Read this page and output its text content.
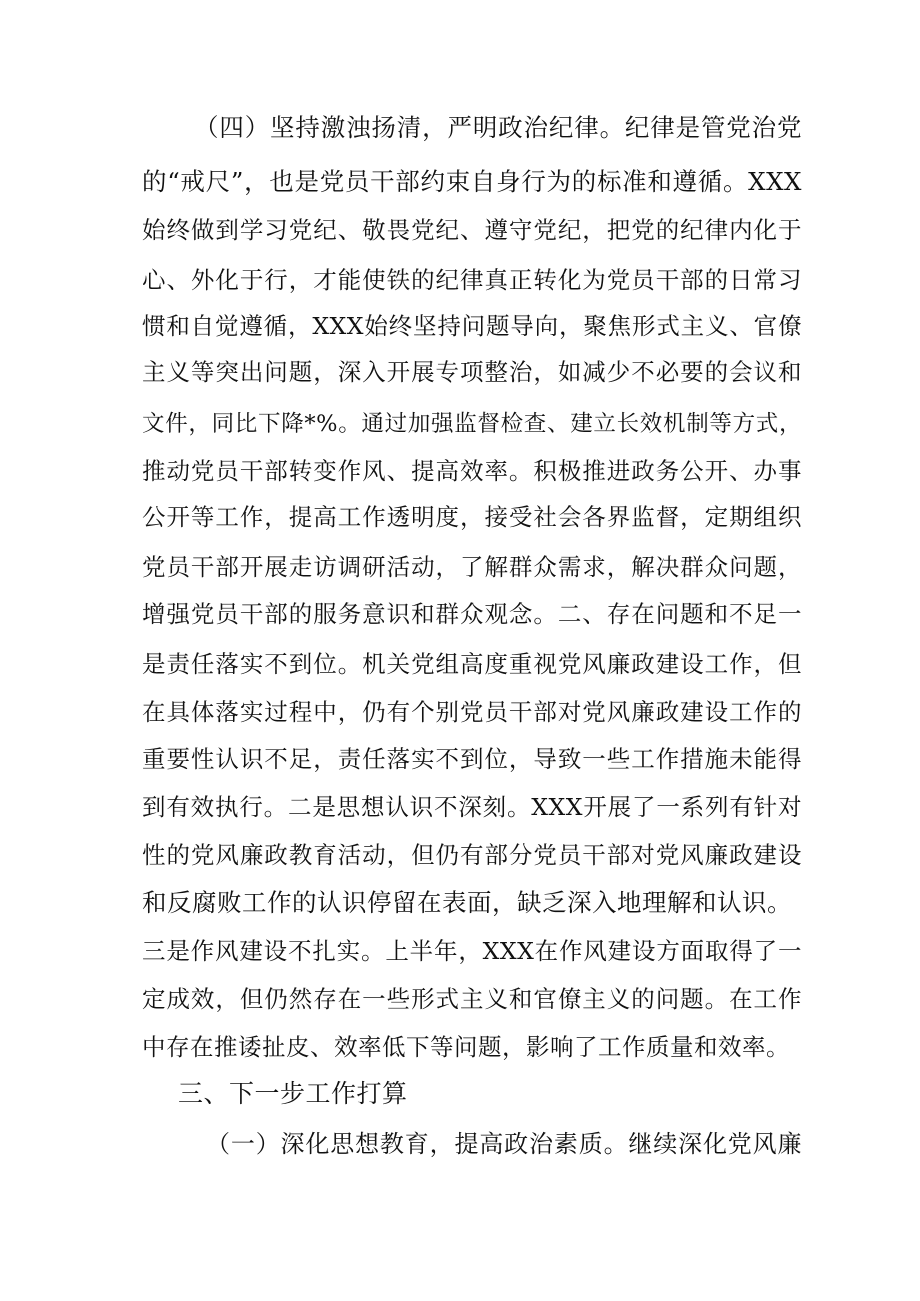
（四）坚持激浊扬清，严明政治纪律。纪律是管党治党
的“戒尺”，也是党员干部约束自身行为的标准和遵循。XXX
始终做到学习党纪、敬畏党纪、遵守党纪，把党的纪律内化于
心、外化于行，才能使铁的纪律真正转化为党员干部的日常习
惯和自觉遵循，XXX始终坚持问题导向，聚焦形式主义、官僚
主义等突出问题，深入开展专项整治，如减少不必要的会议和
文件，同比下降*%。通过加强监督检查、建立长效机制等方式，
推动党员干部转变作风、提高效率。积极推进政务公开、办事
公开等工作，提高工作透明度，接受社会各界监督，定期组织
党员干部开展走访调研活动，了解群众需求，解决群众问题，
增强党员干部的服务意识和群众观念。二、存在问题和不足一
是责任落实不到位。机关党组高度重视党风廉政建设工作，但
在具体落实过程中，仍有个别党员干部对党风廉政建设工作的
重要性认识不足，责任落实不到位，导致一些工作措施未能得
到有效执行。二是思想认识不深刻。XXX开展了一系列有针对
性的党风廉政教育活动，但仍有部分党员干部对党风廉政建设
和反腐败工作的认识停留在表面，缺乏深入地理解和认识。
三是作风建设不扎实。上半年，XXX在作风建设方面取得了一
定成效，但仍然存在一些形式主义和官僚主义的问题。在工作
中存在推诿扯皮、效率低下等问题，影响了工作质量和效率。
三、下一步工作打算
（一）深化思想教育，提高政治素质。继续深化党风廉
